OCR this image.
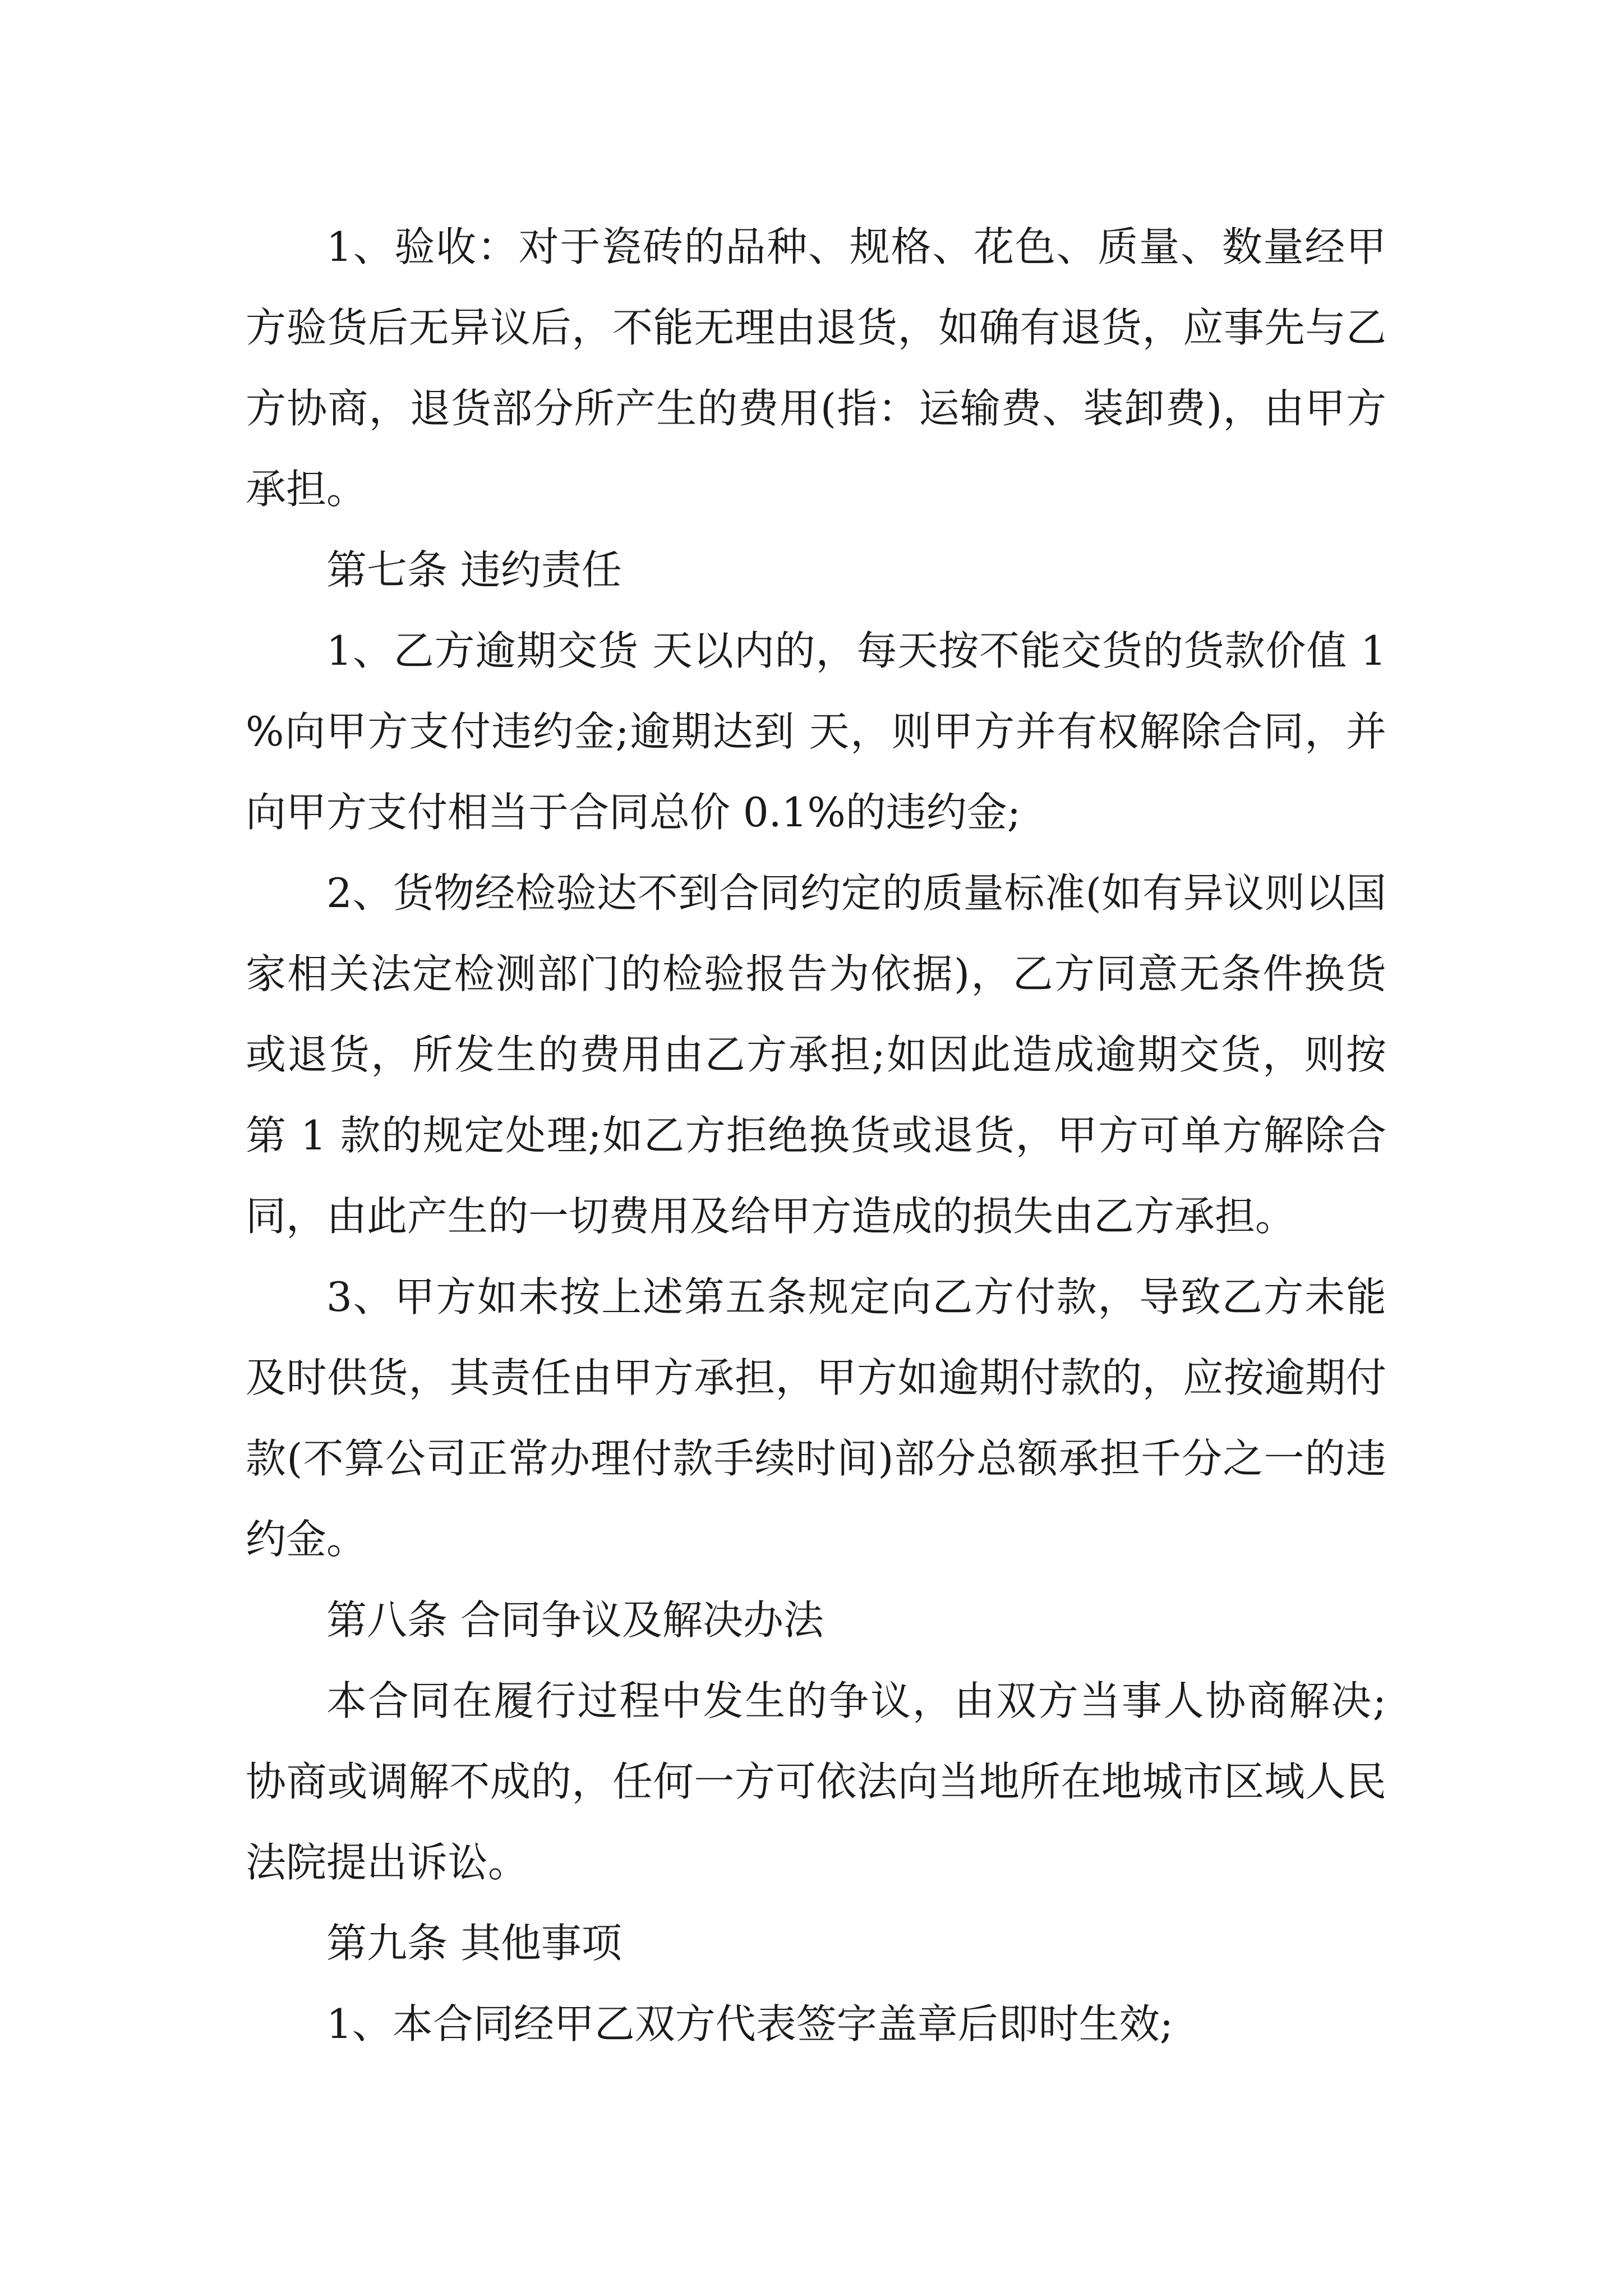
1、验收：对于瓷砖的品种、规格、花色、质量、数量经甲方验货后无异议后，不能无理由退货，如确有退货，应事先与乙方协商，退货部分所产生的费用(指：运输费、装卸费)，由甲方承担。

第七条 违约责任

1、乙方逾期交货 天以内的，每天按不能交货的货款价值 1 %向甲方支付违约金;逾期达到 天，则甲方并有权解除合同，并向甲方支付相当于合同总价 0.1%的违约金;

2、货物经检验达不到合同约定的质量标准(如有异议则以国家相关法定检测部门的检验报告为依据)，乙方同意无条件换货或退货，所发生的费用由乙方承担;如因此造成逾期交货，则按第 1 款的规定处理;如乙方拒绝换货或退货，甲方可单方解除合同，由此产生的一切费用及给甲方造成的损失由乙方承担。

3、甲方如未按上述第五条规定向乙方付款，导致乙方未能及时供货，其责任由甲方承担，甲方如逾期付款的，应按逾期付款(不算公司正常办理付款手续时间)部分总额承担千分之一的违约金。

第八条 合同争议及解决办法

本合同在履行过程中发生的争议，由双方当事人协商解决;协商或调解不成的，任何一方可依法向当地所在地城市区域人民法院提出诉讼。

第九条 其他事项

1、本合同经甲乙双方代表签字盖章后即时生效;
